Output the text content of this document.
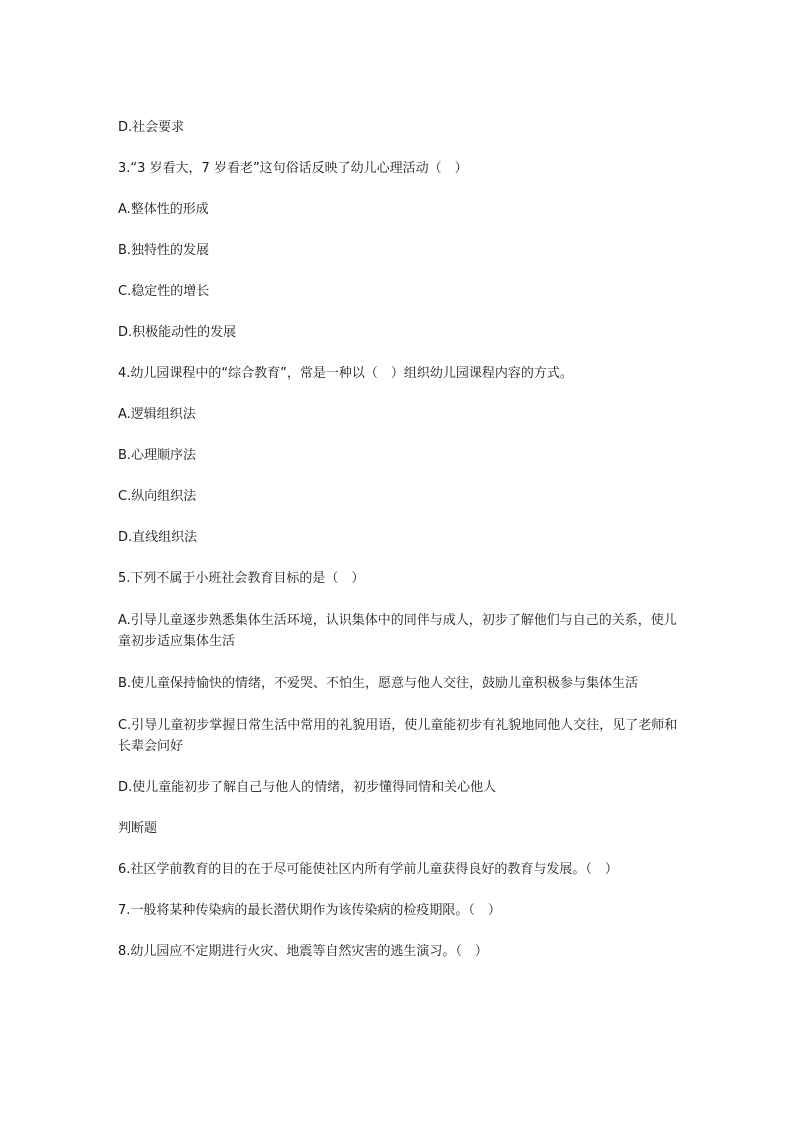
D.社会要求

3.“3 岁看大，7 岁看老”这句俗话反映了幼儿心理活动（　）

A.整体性的形成

B.独特性的发展

C.稳定性的增长

D.积极能动性的发展

4.幼儿园课程中的“综合教育”，常是一种以（　）组织幼儿园课程内容的方式。

A.逻辑组织法

B.心理顺序法

C.纵向组织法

D.直线组织法

5.下列不属于小班社会教育目标的是（　）

A.引导儿童逐步熟悉集体生活环境，认识集体中的同伴与成人，初步了解他们与自己的关系，使儿童初步适应集体生活

B.使儿童保持愉快的情绪，不爱哭、不怕生，愿意与他人交往，鼓励儿童积极参与集体生活

C.引导儿童初步掌握日常生活中常用的礼貌用语，使儿童能初步有礼貌地同他人交往，见了老师和长辈会问好

D.使儿童能初步了解自己与他人的情绪，初步懂得同情和关心他人

判断题

6.社区学前教育的目的在于尽可能使社区内所有学前儿童获得良好的教育与发展。（　）

7.一般将某种传染病的最长潜伏期作为该传染病的检疫期限。（　）

8.幼儿园应不定期进行火灾、地震等自然灾害的逃生演习。（　）
